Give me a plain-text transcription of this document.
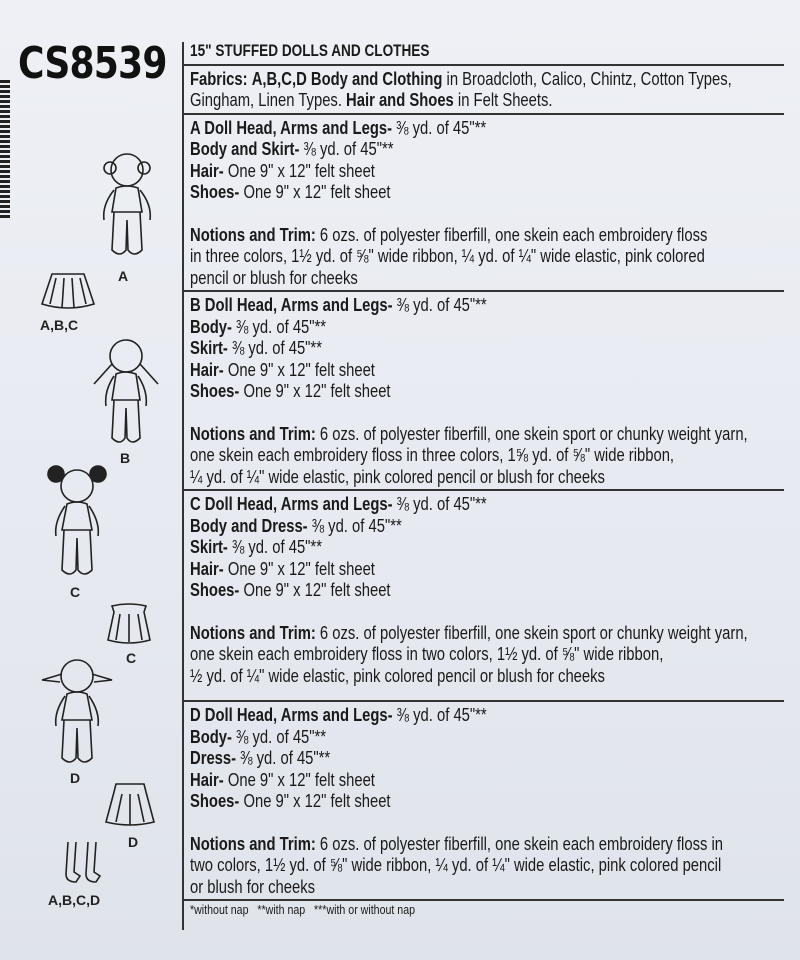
CS8539
A
A,B,C
B
C
C
D
D
A,B,C,D
15" STUFFED DOLLS AND CLOTHES
Fabrics: A,B,C,D Body and Clothing in Broadcloth, Calico, Chintz, Cotton Types,
Gingham, Linen Types. Hair and Shoes in Felt Sheets.
A Doll Head, Arms and Legs- ⅜ yd. of 45"**
Body and Skirt- ⅜ yd. of 45"**
Hair- One 9" x 12" felt sheet
Shoes- One 9" x 12" felt sheet
Notions and Trim: 6 ozs. of polyester fiberfill, one skein each embroidery floss
in three colors, 1½ yd. of ⅝" wide ribbon, ¼ yd. of ¼" wide elastic, pink colored
pencil or blush for cheeks
B Doll Head, Arms and Legs- ⅜ yd. of 45"**
Body- ⅜ yd. of 45"**
Skirt- ⅜ yd. of 45"**
Hair- One 9" x 12" felt sheet
Shoes- One 9" x 12" felt sheet
Notions and Trim: 6 ozs. of polyester fiberfill, one skein sport or chunky weight yarn,
one skein each embroidery floss in three colors, 1⅝ yd. of ⅝" wide ribbon,
¼ yd. of ¼" wide elastic, pink colored pencil or blush for cheeks
C Doll Head, Arms and Legs- ⅜ yd. of 45"**
Body and Dress- ⅜ yd. of 45"**
Skirt- ⅜ yd. of 45"**
Hair- One 9" x 12" felt sheet
Shoes- One 9" x 12" felt sheet
Notions and Trim: 6 ozs. of polyester fiberfill, one skein sport or chunky weight yarn,
one skein each embroidery floss in two colors, 1½ yd. of ⅝" wide ribbon,
½ yd. of ¼" wide elastic, pink colored pencil or blush for cheeks
D Doll Head, Arms and Legs- ⅜ yd. of 45"**
Body- ⅜ yd. of 45"**
Dress- ⅜ yd. of 45"**
Hair- One 9" x 12" felt sheet
Shoes- One 9" x 12" felt sheet
Notions and Trim: 6 ozs. of polyester fiberfill, one skein each embroidery floss in
two colors, 1½ yd. of ⅝" wide ribbon, ¼ yd. of ¼" wide elastic, pink colored pencil
or blush for cheeks
*without nap   **with nap   ***with or without nap
